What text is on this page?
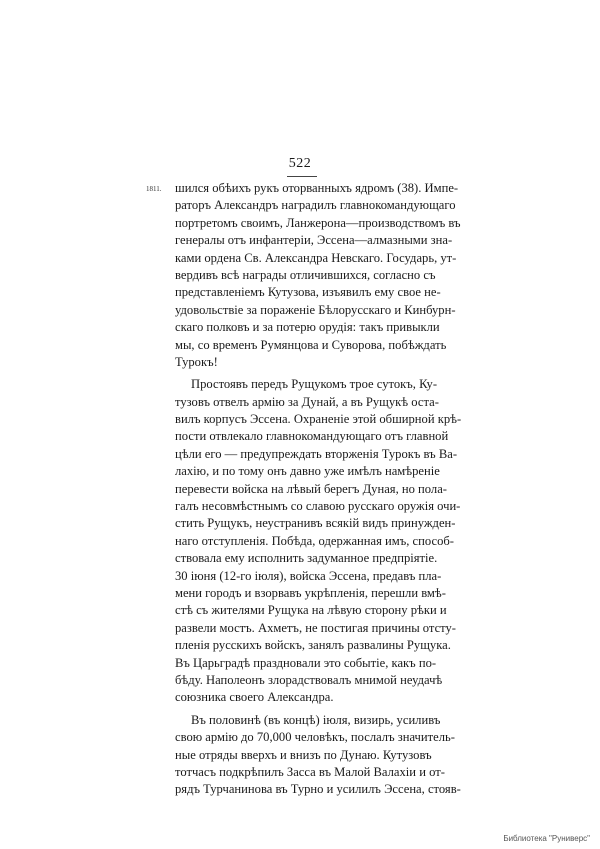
522
1811. шился обѣихъ рукъ оторванныхъ ядромъ (38). Импе-
раторъ Александръ наградилъ главнокомандующаго
портретомъ своимъ, Ланжерона—производствомъ въ
генералы отъ инфантеріи, Эссена—алмазными зна-
ками ордена Св. Александра Невскаго. Государь, ут-
вердивъ всѣ награды отличившихся, согласно съ
представленіемъ Кутузова, изъявилъ ему свое не-
удовольствіе за пораженіе Бѣлорусскаго и Кинбурн-
скаго полковъ и за потерю орудія: такъ привыкли
мы, со временъ Румянцова и Суворова, побѣждать
Турокъ!
Простоявъ передъ Рущукомъ трое сутокъ, Ку-
тузовъ отвелъ армію за Дунай, а въ Рущукѣ оста-
вилъ корпусъ Эссена. Охраненіе этой обширной крѣ-
пости отвлекало главнокомандующаго отъ главной
цѣли его — предупреждать вторженія Турокъ въ Ва-
лахію, и по тому онъ давно уже имѣлъ намѣреніе
перевести войска на лѣвый берегъ Дуная, но пола-
галъ несовмѣстнымъ со славою русскаго оружія очи-
стить Рущукъ, неустранивъ всякій видъ принужден-
наго отступленія. Побѣда, одержанная имъ, способ-
ствовала ему исполнить задуманное предпріятіе.
30 іюня (12-го іюля), войска Эссена, предавъ пла-
мени городъ и взорвавъ укрѣпленія, перешли вмѣ-
стѣ съ жителями Рущука на лѣвую сторону рѣки и
развели мостъ. Ахметъ, не постигая причины отсту-
пленія русскихъ войскъ, занялъ развалины Рущука.
Въ Царьградѣ праздновали это событіе, какъ по-
бѣду. Наполеонъ злорадствовалъ мнимой неудачѣ
союзника своего Александра.
Въ половинѣ (въ концѣ) іюля, визирь, усиливъ
свою армію до 70,000 человѣкъ, послалъ значитель-
ные отряды вверхъ и внизъ по Дунаю. Кутузовъ
тотчасъ подкрѣпилъ Засса въ Малой Валахіи и от-
рядъ Турчанинова въ Турно и усилилъ Эссена, стояв-
Библиотека "Руниверс"
